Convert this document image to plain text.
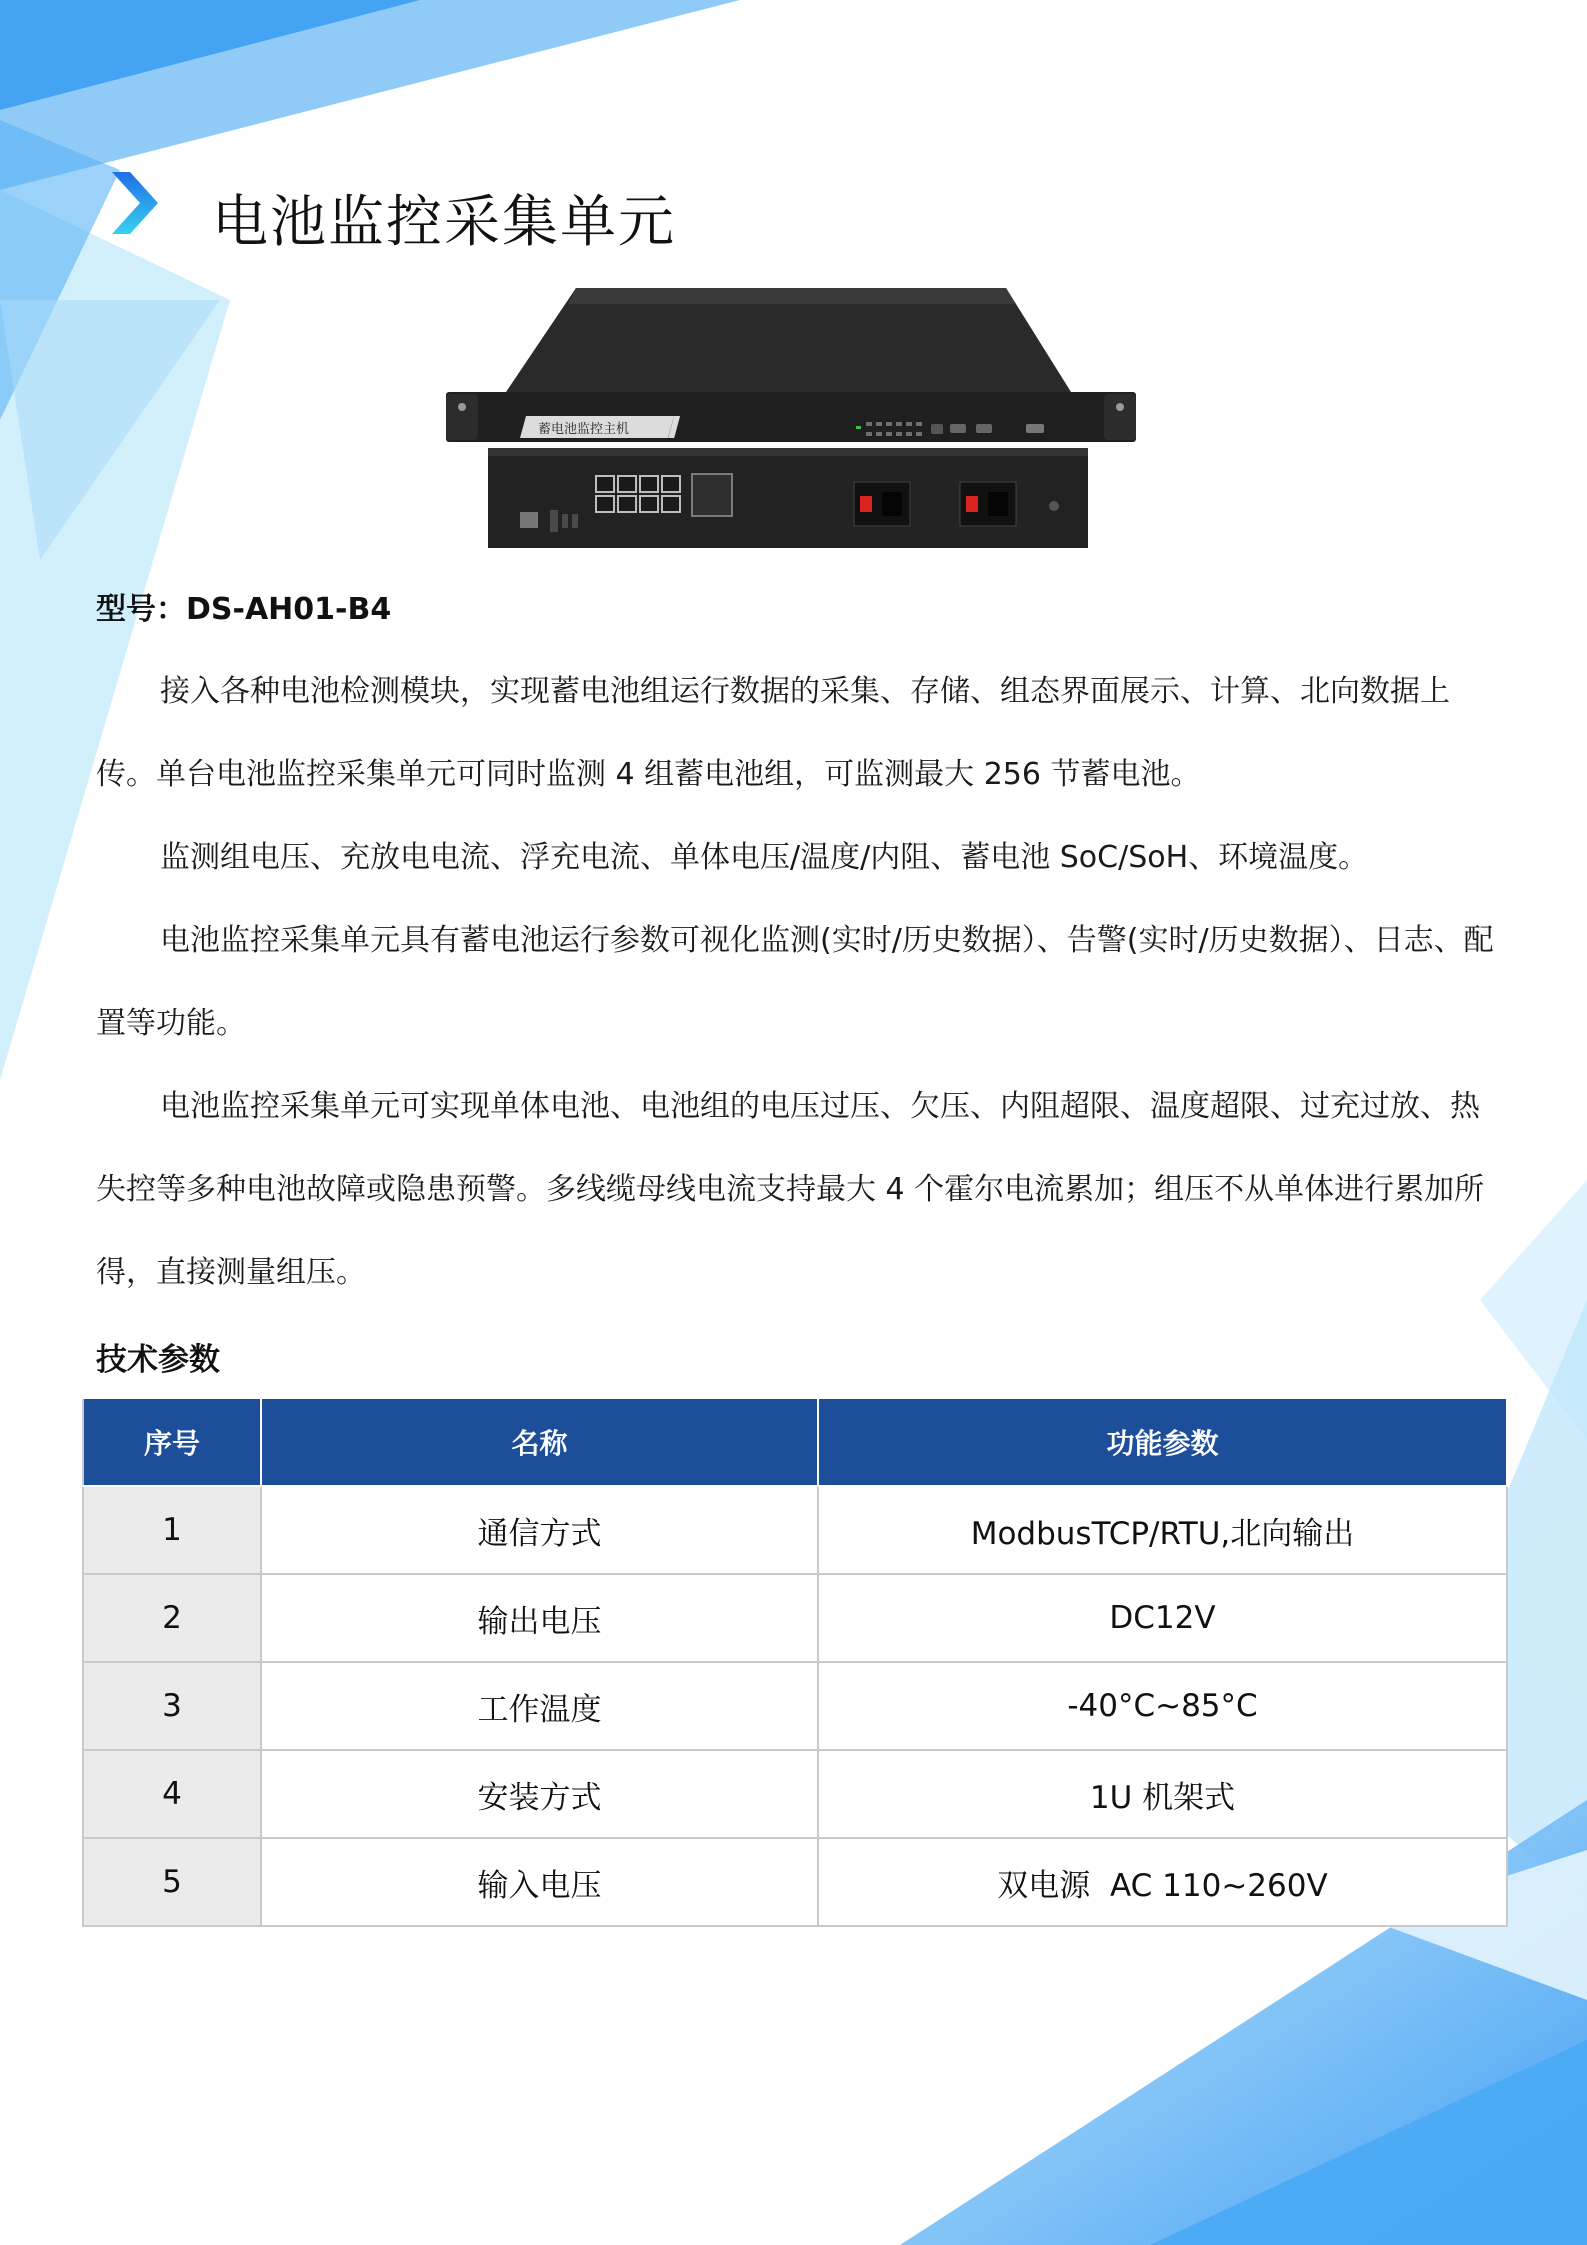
电池监控采集单元
蓄电池监控主机
型号：DS-AH01-B4

接入各种电池检测模块，实现蓄电池组运行数据的采集、存储、组态界面展示、计算、北向数据上传。单台电池监控采集单元可同时监测 4 组蓄电池组，可监测最大 256 节蓄电池。

监测组电压、充放电电流、浮充电流、单体电压/温度/内阻、蓄电池 SoC/SoH、环境温度。

电池监控采集单元具有蓄电池运行参数可视化监测(实时/历史数据）、告警(实时/历史数据）、日志、配置等功能。

电池监控采集单元可实现单体电池、电池组的电压过压、欠压、内阻超限、温度超限、过充过放、热失控等多种电池故障或隐患预警。多线缆母线电流支持最大 4 个霍尔电流累加；组压不从单体进行累加所得，直接测量组压。

技术参数
序号	名称	功能参数
1	通信方式	ModbusTCP/RTU,北向输出
2	输出电压	DC12V
3	工作温度	-40°C~85°C
4	安装方式	1U 机架式
5	输入电压	双电源  AC 110~260V
